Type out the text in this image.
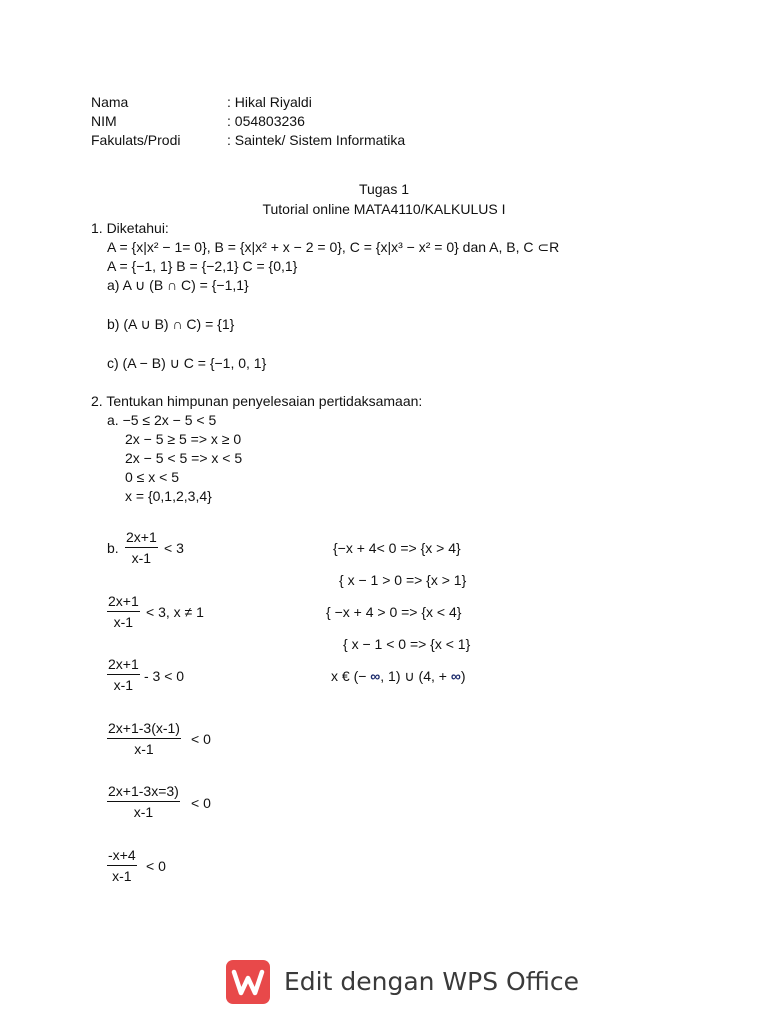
Nama	: Hikal Riyaldi
NIM	: 054803236
Fakulats/Prodi	: Saintek/ Sistem Informatika
Tugas 1
Tutorial online MATA4110/KALKULUS I
1. Diketahui:
A = {x|x² − 1= 0}, B = {x|x² + x − 2 = 0}, C = {x|x³ − x² = 0} dan A, B, C ⊂R
A = {−1, 1} B = {−2,1} C = {0,1}
a) A ∪ (B ∩ C) = {−1,1}
b) (A ∪ B) ∩ C) = {1}
c) (A − B) ∪ C = {−1, 0, 1}
2. Tentukan himpunan penyelesaian pertidaksamaan:
a. −5 ≤ 2x − 5 < 5
2x − 5 ≥ 5 => x ≥ 0
2x − 5 < 5 => x < 5
0 ≤ x < 5
x = {0,1,2,3,4}
b.
2x+1
x-1
< 3
2x+1
x-1
< 3, x ≠ 1
2x+1
x-1
- 3 < 0
2x+1-3(x-1)
x-1
< 0
2x+1-3x=3)
x-1
< 0
-x+4
x-1
< 0
{−x + 4< 0 => {x > 4}
{ x − 1 > 0 => {x > 1}
{ −x + 4 > 0 => {x < 4}
{ x − 1 < 0 => {x < 1}
x € (− ∞, 1) ∪ (4, + ∞)
Edit dengan WPS Office
